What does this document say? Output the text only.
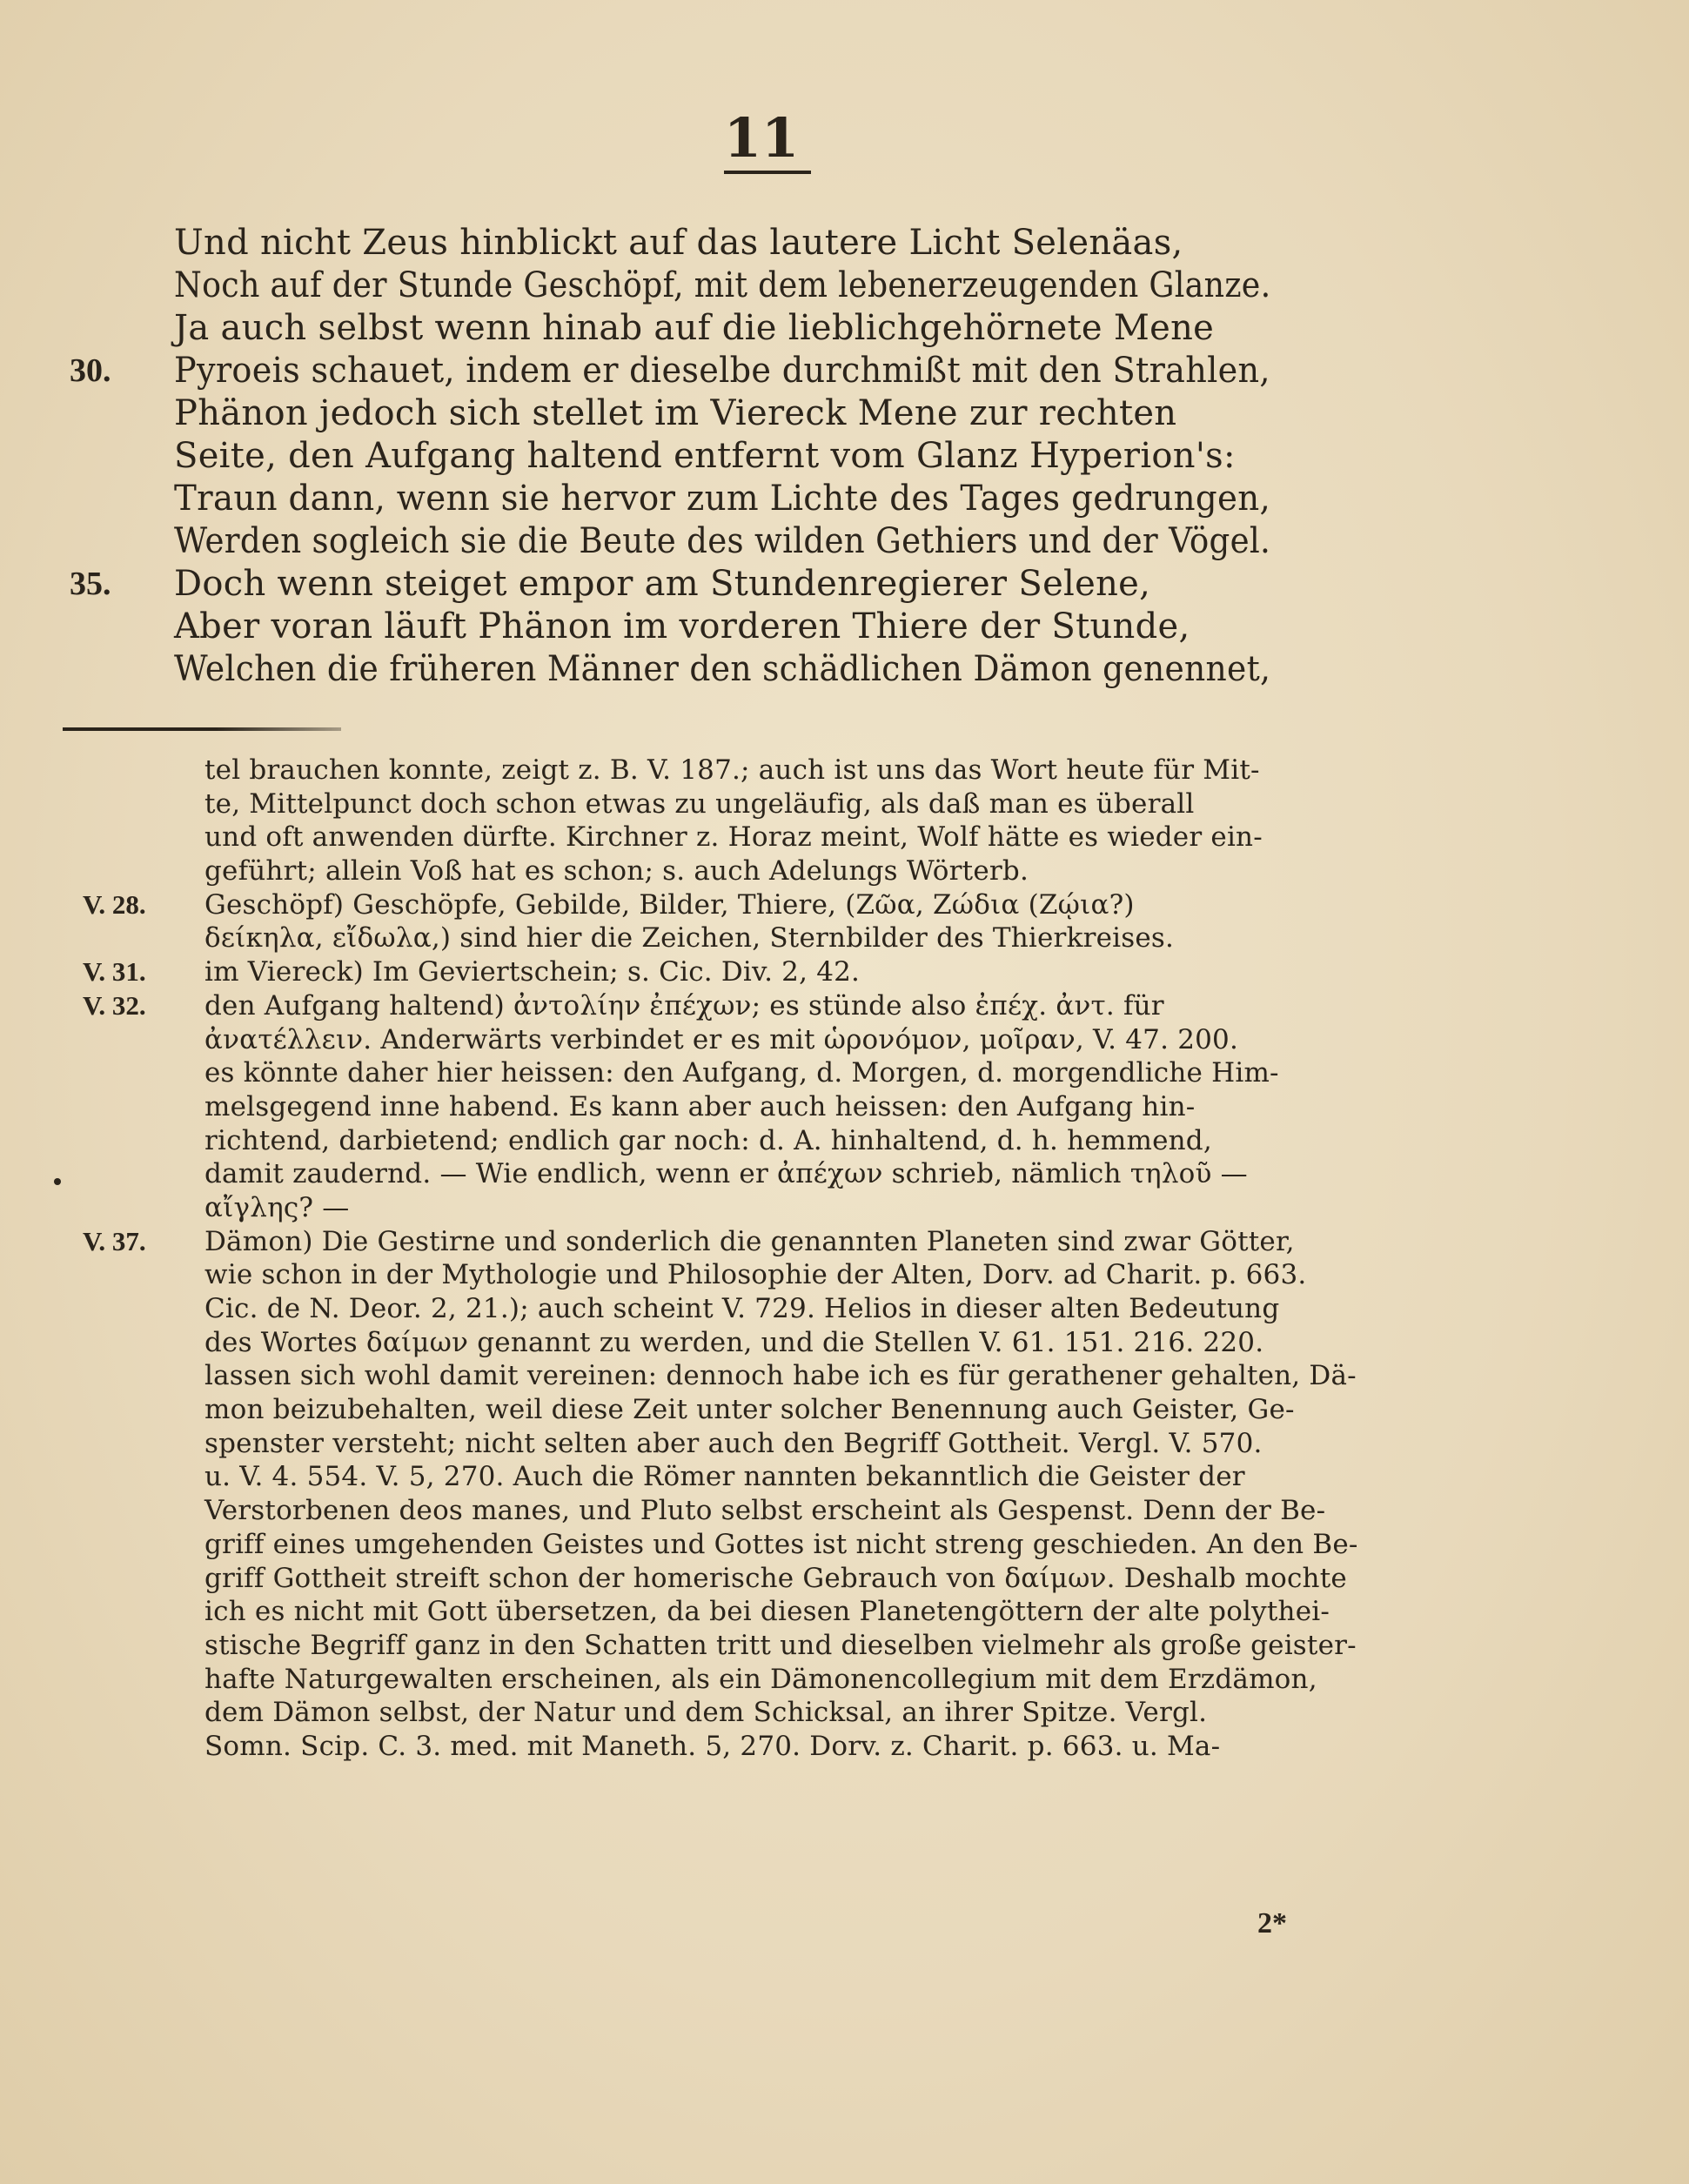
11
Und nicht Zeus hinblickt auf das lautere Licht Selenäas,
Noch auf der Stunde Geschöpf, mit dem lebenerzeugenden Glanze.
Ja auch selbst wenn hinab auf die lieblichgehörnete Mene
30.	Pyroeis schauet, indem er dieselbe durchmißt mit den Strahlen,
Phänon jedoch sich stellet im Viereck Mene zur rechten
Seite, den Aufgang haltend entfernt vom Glanz Hyperion's:
Traun dann, wenn sie hervor zum Lichte des Tages gedrungen,
Werden sogleich sie die Beute des wilden Gethiers und der Vögel.
35.	Doch wenn steiget empor am Stundenregierer Selene,
Aber voran läuft Phänon im vorderen Thiere der Stunde,
Welchen die früheren Männer den schädlichen Dämon genennet,
tel brauchen konnte, zeigt z. B. V. 187.; auch ist uns das Wort heute für Mit-
te, Mittelpunct doch schon etwas zu ungeläufig, als daß man es überall
und oft anwenden dürfte. Kirchner z. Horaz meint, Wolf hätte es wieder ein-
geführt; allein Voß hat es schon; s. auch Adelungs Wörterb.
V. 28.	Geschöpf) Geschöpfe, Gebilde, Bilder, Thiere, (Ζῶα, Ζώδια (Ζῴια?)
δείκηλα, εἴδωλα,) sind hier die Zeichen, Sternbilder des Thierkreises.
V. 31.	im Viereck) Im Geviertschein; s. Cic. Div. 2, 42.
V. 32.	den Aufgang haltend) ἀντολίην ἐπέχων; es stünde also ἐπέχ. ἀντ. für
ἀνατέλλειν. Anderwärts verbindet er es mit ὡρονόμον, μοῖραν, V. 47. 200.
es könnte daher hier heissen: den Aufgang, d. Morgen, d. morgendliche Him-
melsgegend inne habend. Es kann aber auch heissen: den Aufgang hin-
richtend, darbietend; endlich gar noch: d. A. hinhaltend, d. h. hemmend,
damit zaudernd. — Wie endlich, wenn er ἀπέχων schrieb, nämlich τηλοῦ —
αἴγλης? —
V. 37.	Dämon) Die Gestirne und sonderlich die genannten Planeten sind zwar Götter,
wie schon in der Mythologie und Philosophie der Alten, Dorv. ad Charit. p. 663.
Cic. de N. Deor. 2, 21.); auch scheint V. 729. Helios in dieser alten Bedeutung
des Wortes δαίμων genannt zu werden, und die Stellen V. 61. 151. 216. 220.
lassen sich wohl damit vereinen: dennoch habe ich es für gerathener gehalten, Dä-
mon beizubehalten, weil diese Zeit unter solcher Benennung auch Geister, Ge-
spenster versteht; nicht selten aber auch den Begriff Gottheit. Vergl. V. 570.
u. V. 4. 554. V. 5, 270. Auch die Römer nannten bekanntlich die Geister der
Verstorbenen deos manes, und Pluto selbst erscheint als Gespenst. Denn der Be-
griff eines umgehenden Geistes und Gottes ist nicht streng geschieden. An den Be-
griff Gottheit streift schon der homerische Gebrauch von δαίμων. Deshalb mochte
ich es nicht mit Gott übersetzen, da bei diesen Planetengöttern der alte polythei-
stische Begriff ganz in den Schatten tritt und dieselben vielmehr als große geister-
hafte Naturgewalten erscheinen, als ein Dämonencollegium mit dem Erzdämon,
dem Dämon selbst, der Natur und dem Schicksal, an ihrer Spitze. Vergl.
Somn. Scip. C. 3. med. mit Maneth. 5, 270. Dorv. z. Charit. p. 663. u. Ma-
2*
